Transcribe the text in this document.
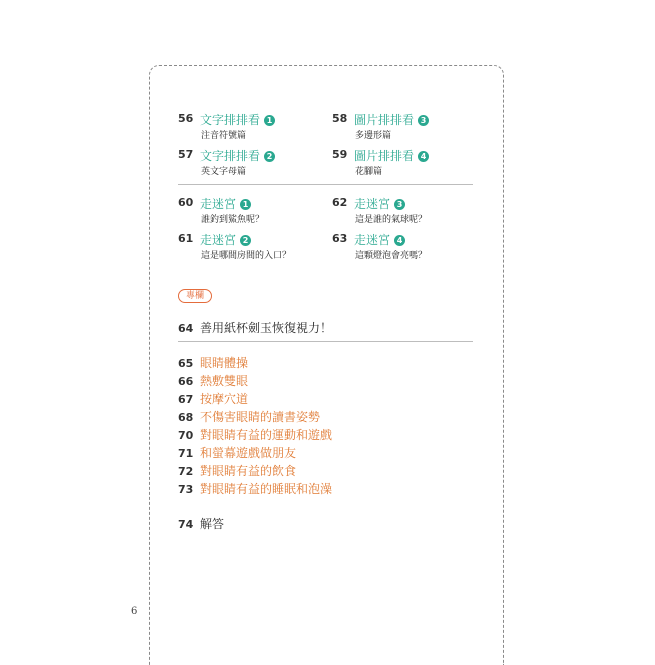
56 文字排排看 1
注音符號篇
58 圖片排排看 3
多邊形篇
57 文字排排看 2
英文字母篇
59 圖片排排看 4
花腳篇
60 走迷宮 1
誰釣到鯊魚呢？
62 走迷宮 3
這是誰的氣球呢？
61 走迷宮 2
這是哪間房間的入口？
63 走迷宮 4
這顆燈泡會亮嗎？
專欄
64 善用紙杯劍玉恢復視力！
65 眼睛體操
66 熱敷雙眼
67 按摩穴道
68 不傷害眼睛的讀書姿勢
70 對眼睛有益的運動和遊戲
71 和螢幕遊戲做朋友
72 對眼睛有益的飲食
73 對眼睛有益的睡眠和泡澡
74 解答
6
